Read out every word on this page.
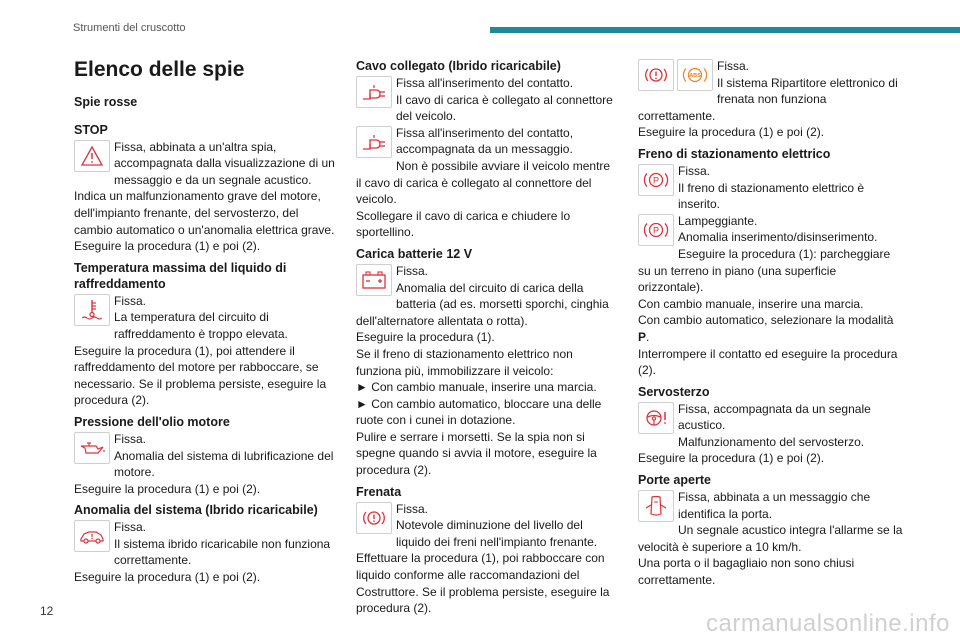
Strumenti del cruscotto
Elenco delle spie
Spie rosse
STOP

Fissa, abbinata a un'altra spia, accompagnata dalla visualizzazione di un messaggio e da un segnale acustico.

Indica un malfunzionamento grave del motore, dell'impianto frenante, del servosterzo, del cambio automatico o un'anomalia elettrica grave.

Eseguire la procedura (1) e poi (2).

Temperatura massima del liquido di raffreddamento

Fissa.

La temperatura del circuito di raffreddamento è troppo elevata.

Eseguire la procedura (1), poi attendere il raffreddamento del motore per rabboccare, se necessario. Se il problema persiste, eseguire la procedura (2).

Pressione dell'olio motore

Fissa.

Anomalia del sistema di lubrificazione del motore.

Eseguire la procedura (1) e poi (2).

Anomalia del sistema (Ibrido ricaricabile)

Fissa.

Il sistema ibrido ricaricabile non funziona correttamente.

Eseguire la procedura (1) e poi (2).

Cavo collegato (Ibrido ricaricabile)

Fissa all'inserimento del contatto.

Il cavo di carica è collegato al connettore del veicolo.

Fissa all'inserimento del contatto, accompagnata da un messaggio.

Non è possibile avviare il veicolo mentre il cavo di carica è collegato al connettore del veicolo.

Scollegare il cavo di carica e chiudere lo sportellino.

Carica batterie 12 V

Fissa.

Anomalia del circuito di carica della batteria (ad es. morsetti sporchi, cinghia dell'alternatore allentata o rotta).

Eseguire la procedura (1).

Se il freno di stazionamento elettrico non funziona più, immobilizzare il veicolo:

► Con cambio manuale, inserire una marcia.

► Con cambio automatico, bloccare una delle ruote con i cunei in dotazione.

Pulire e serrare i morsetti. Se la spia non si spegne quando si avvia il motore, eseguire la procedura (2).

Frenata

Fissa.

Notevole diminuzione del livello del liquido dei freni nell'impianto frenante.

Effettuare la procedura (1), poi rabboccare con liquido conforme alle raccomandazioni del Costruttore. Se il problema persiste, eseguire la procedura (2).

ABS

Fissa.

Il sistema Ripartitore elettronico di frenata non funziona correttamente.

Eseguire la procedura (1) e poi (2).

Freno di stazionamento elettrico
P

Fissa.

Il freno di stazionamento elettrico è inserito.

P

Lampeggiante.

Anomalia inserimento/disinserimento.

Eseguire la procedura (1): parcheggiare su un terreno in piano (una superficie orizzontale).

Con cambio manuale, inserire una marcia.

Con cambio automatico, selezionare la modalità P.

Interrompere il contatto ed eseguire la procedura (2).

Servosterzo

Fissa, accompagnata da un segnale acustico.

Malfunzionamento del servosterzo.

Eseguire la procedura (1) e poi (2).

Porte aperte

Fissa, abbinata a un messaggio che identifica la porta.

Un segnale acustico integra l'allarme se la velocità è superiore a 10 km/h.

Una porta o il bagagliaio non sono chiusi correttamente.

12	carmanualsonline.info
